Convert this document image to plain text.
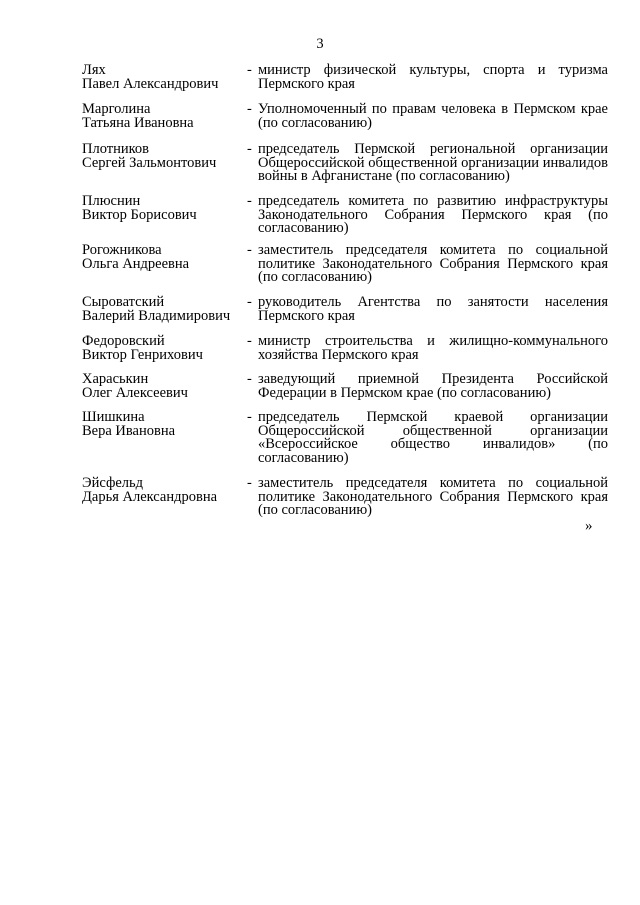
3
Лях
Павел Александрович
- министр физической культуры, спорта и туризма Пермского края
Марголина
Татьяна Ивановна
- Уполномоченный по правам человека в Пермском крае (по согласованию)
Плотников
Сергей Зальмонтович
- председатель Пермской региональной организации Общероссийской общественной организации инвалидов войны в Афганистане (по согласованию)
Плюснин
Виктор Борисович
- председатель комитета по развитию инфраструктуры Законодательного Собрания Пермского края (по согласованию)
Рогожникова
Ольга Андреевна
- заместитель председателя комитета по социальной политике Законодательного Собрания Пермского края (по согласованию)
Сыроватский
Валерий Владимирович
- руководитель Агентства по занятости населения Пермского края
Федоровский
Виктор Генрихович
- министр строительства и жилищно-коммунального хозяйства Пермского края
Хараськин
Олег Алексеевич
- заведующий приемной Президента Российской Федерации в Пермском крае (по согласованию)
Шишкина
Вера Ивановна
- председатель Пермской краевой организации Общероссийской общественной организации «Всероссийское общество инвалидов» (по согласованию)
Эйсфельд
Дарья Александровна
- заместитель председателя комитета по социальной политике Законодательного Собрания Пермского края (по согласованию)
»
